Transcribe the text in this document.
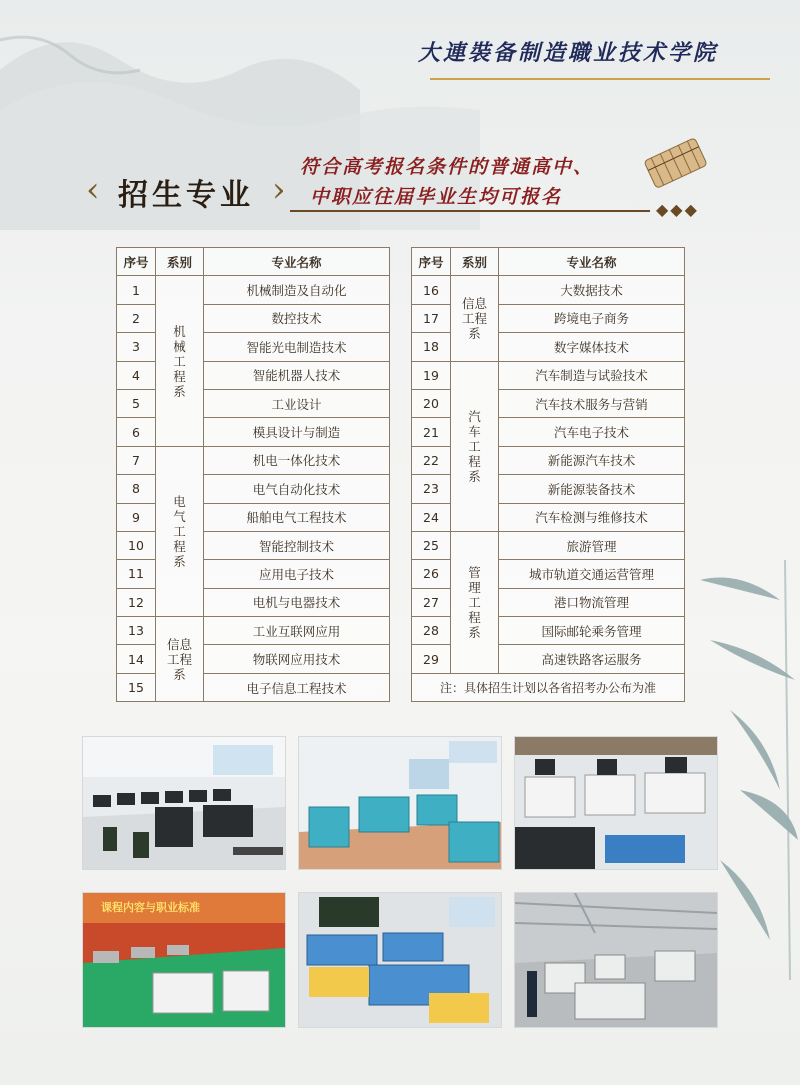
大連裝备制造職业技术学院
‹ 招生专业 ›
符合高考报名条件的普通高中、
中职应往届毕业生均可报名
◆◆◆
序号	系别	专业名称
1	机械工程系	机械制造及自动化
2		数控技术
3		智能光电制造技术
4		智能机器人技术
5		工业设计
6		模具设计与制造
7	电气工程系	机电一体化技术
8		电气自动化技术
9		船舶电气工程技术
10		智能控制技术
11		应用电子技术
12		电机与电器技术
13	信息工程系	工业互联网应用
14		物联网应用技术
15		电子信息工程技术
序号	系别	专业名称
16	信息工程系	大数据技术
17		跨境电子商务
18		数字媒体技术
19	汽车工程系	汽车制造与试验技术
20		汽车技术服务与营销
21		汽车电子技术
22		新能源汽车技术
23		新能源装备技术
24		汽车检测与维修技术
25	管理工程系	旅游管理
26		城市轨道交通运营管理
27		港口物流管理
28		国际邮轮乘务管理
29		高速铁路客运服务
注：具体招生计划以各省招考办公布为准		
课程内容与职业标准
